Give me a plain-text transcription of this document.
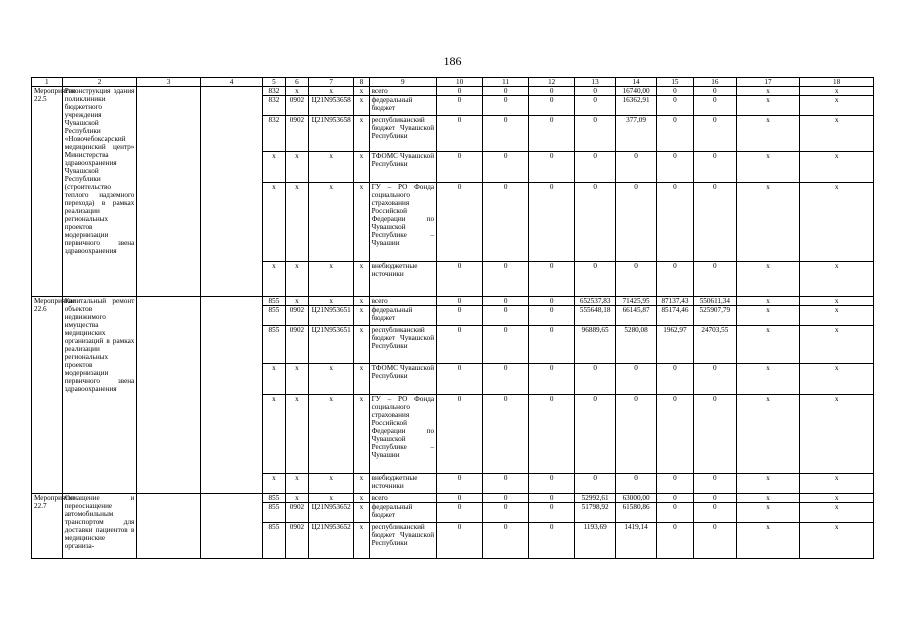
186
1	2	3	4	5	6	7	8	9	10	11	12	13	14	15	16	17	18
Мероприятие 22.5	Реконструкция здания поликлиники бюджетного учреждения Чувашской Республики «Новочебоксарский медицинский центр» Министерства здравоохранения Чувашской Республики (строительство теплого надземного перехода) в рамках реализации региональных проектов модернизации первичного звена здравоохранения			832	x	x	x	всего	0	0	0	0	16740,00	0	0	x	x
				832	0902	Ц21N953658	x	федеральный бюджет	0	0	0	0	16362,91	0	0	x	x
				832	0902	Ц21N953658	x	республиканский бюджет Чувашской Республики	0	0	0	0	377,09	0	0	x	x
				x	x	x	x	ТФОМС Чувашской Республики	0	0	0	0	0	0	0	x	x
				x	x	x	x	ГУ – РО Фонда социального страхования Российской Федерации по Чувашской Республике – Чувашии	0	0	0	0	0	0	0	x	x
				x	x	x	x	внебюджетные источники	0	0	0	0	0	0	0	x	x
Мероприятие 22.6	Капитальный ремонт объектов недвижимого имущества медицинских организаций в рамках реализации региональных проектов модернизации первичного звена здравоохранения			855	x	x	x	всего	0	0	0	652537,83	71425,95	87137,43	550611,34	x	x
				855	0902	Ц21N953651	x	федеральный бюджет	0	0	0	555648,18	66145,87	85174,46	525907,79	x	x
				855	0902	Ц21N953651	x	республиканский бюджет Чувашской Республики	0	0	0	96889,65	5280,08	1962,97	24703,55	x	x
				x	x	x	x	ТФОМС Чувашской Республики	0	0	0	0	0	0	0	x	x
				x	x	x	x	ГУ – РО Фонда социального страхования Российской Федерации по Чувашской Республике – Чувашии	0	0	0	0	0	0	0	x	x
				x	x	x	x	внебюджетные источники	0	0	0	0	0	0	0	x	x
Мероприятие 22.7	Оснащение и переоснащение автомобильным транспортом для доставки пациентов в медицинские организа-			855	x	x	x	всего	0	0	0	52992,61	63000,00	0	0	x	x
				855	0902	Ц21N953652	x	федеральный бюджет	0	0	0	51798,92	61580,86	0	0	x	x
				855	0902	Ц21N953652	x	республиканский бюджет Чувашской Республики	0	0	0	1193,69	1419,14	0	0	x	x
